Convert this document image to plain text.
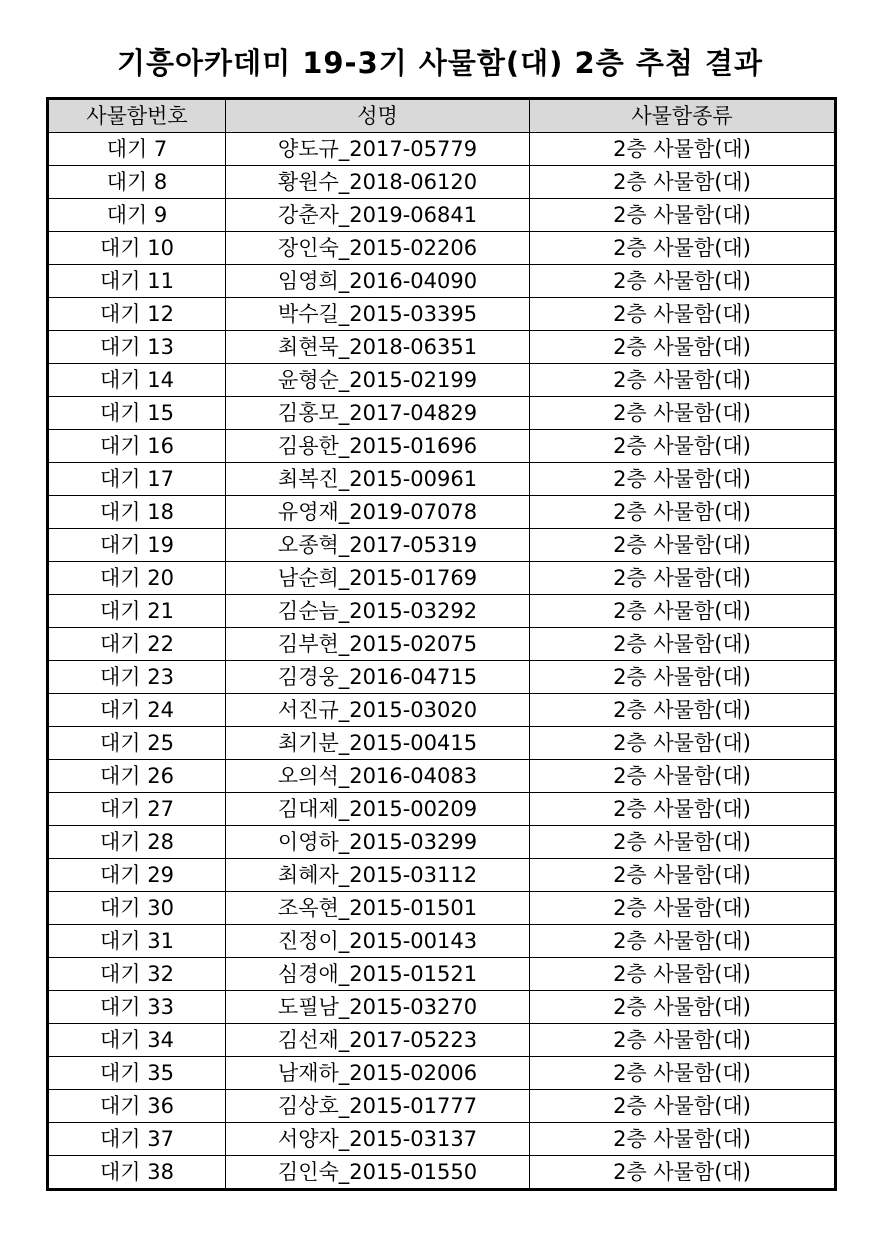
기흥아카데미 19-3기 사물함(대) 2층 추첨 결과
사물함번호	성명	사물함종류
대기 7	양도규_2017-05779	2층 사물함(대)
대기 8	황원수_2018-06120	2층 사물함(대)
대기 9	강춘자_2019-06841	2층 사물함(대)
대기 10	장인숙_2015-02206	2층 사물함(대)
대기 11	임영희_2016-04090	2층 사물함(대)
대기 12	박수길_2015-03395	2층 사물함(대)
대기 13	최현묵_2018-06351	2층 사물함(대)
대기 14	윤형순_2015-02199	2층 사물함(대)
대기 15	김홍모_2017-04829	2층 사물함(대)
대기 16	김용한_2015-01696	2층 사물함(대)
대기 17	최복진_2015-00961	2층 사물함(대)
대기 18	유영재_2019-07078	2층 사물함(대)
대기 19	오종혁_2017-05319	2층 사물함(대)
대기 20	남순희_2015-01769	2층 사물함(대)
대기 21	김순늠_2015-03292	2층 사물함(대)
대기 22	김부현_2015-02075	2층 사물함(대)
대기 23	김경웅_2016-04715	2층 사물함(대)
대기 24	서진규_2015-03020	2층 사물함(대)
대기 25	최기분_2015-00415	2층 사물함(대)
대기 26	오의석_2016-04083	2층 사물함(대)
대기 27	김대제_2015-00209	2층 사물함(대)
대기 28	이영하_2015-03299	2층 사물함(대)
대기 29	최혜자_2015-03112	2층 사물함(대)
대기 30	조옥현_2015-01501	2층 사물함(대)
대기 31	진정이_2015-00143	2층 사물함(대)
대기 32	심경애_2015-01521	2층 사물함(대)
대기 33	도필남_2015-03270	2층 사물함(대)
대기 34	김선재_2017-05223	2층 사물함(대)
대기 35	남재하_2015-02006	2층 사물함(대)
대기 36	김상호_2015-01777	2층 사물함(대)
대기 37	서양자_2015-03137	2층 사물함(대)
대기 38	김인숙_2015-01550	2층 사물함(대)
